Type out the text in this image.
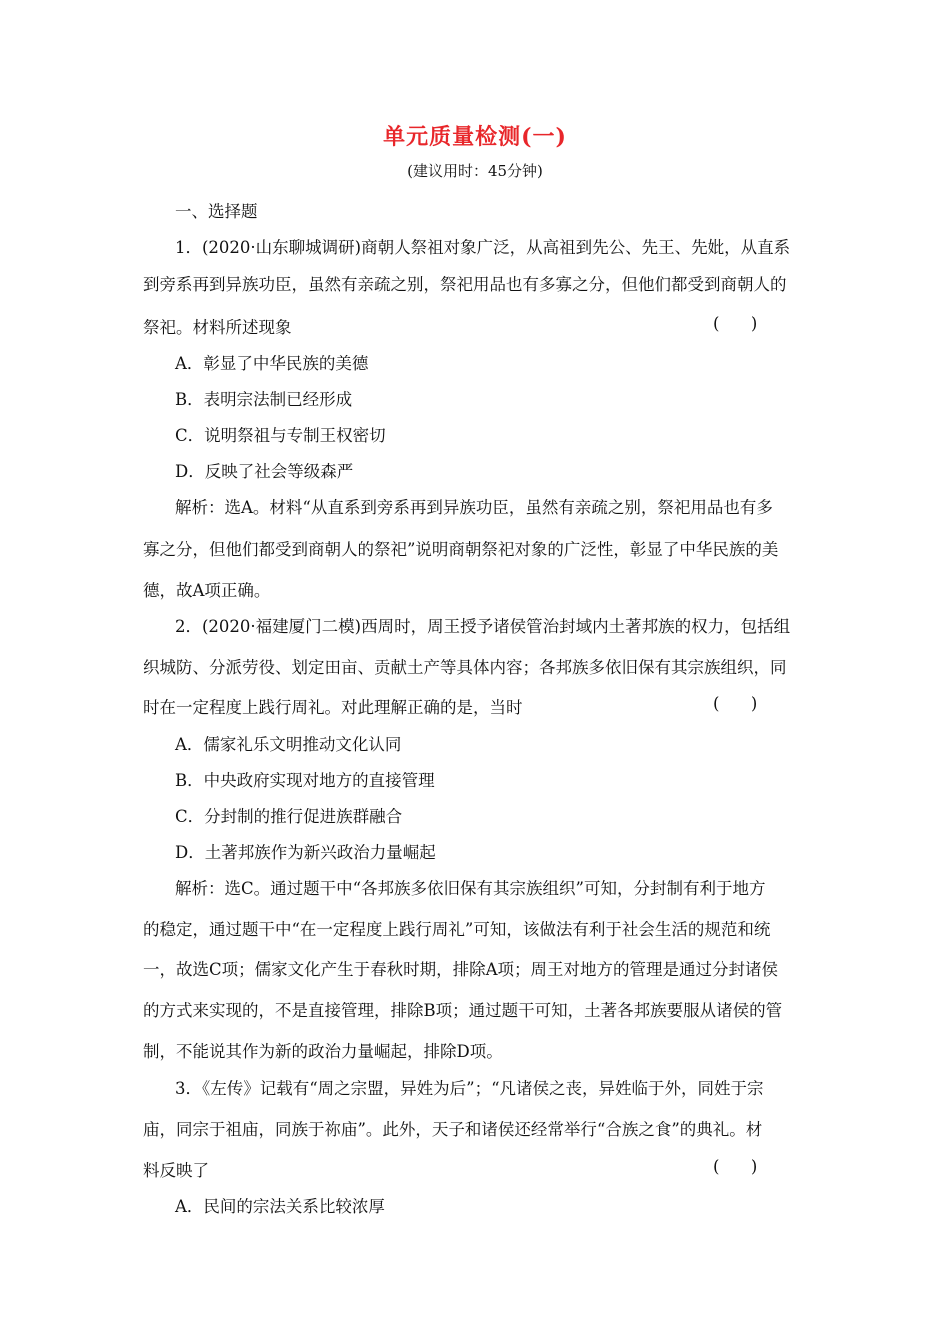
单元质量检测(一)
(建议用时：45分钟)
一、选择题
1．(2020·山东聊城调研)商朝人祭祖对象广泛，从高祖到先公、先王、先妣，从直系
到旁系再到异族功臣，虽然有亲疏之别，祭祀用品也有多寡之分，但他们都受到商朝人的
祭祀。材料所述现象	(      )
A．彰显了中华民族的美德
B．表明宗法制已经形成
C．说明祭祖与专制王权密切
D．反映了社会等级森严
解析：选A。材料“从直系到旁系再到异族功臣，虽然有亲疏之别，祭祀用品也有多
寡之分，但他们都受到商朝人的祭祀”说明商朝祭祀对象的广泛性，彰显了中华民族的美
德，故A项正确。
2．(2020·福建厦门二模)西周时，周王授予诸侯管治封域内土著邦族的权力，包括组
织城防、分派劳役、划定田亩、贡献土产等具体内容；各邦族多依旧保有其宗族组织，同
时在一定程度上践行周礼。对此理解正确的是，当时	(      )
A．儒家礼乐文明推动文化认同
B．中央政府实现对地方的直接管理
C．分封制的推行促进族群融合
D．土著邦族作为新兴政治力量崛起
解析：选C。通过题干中“各邦族多依旧保有其宗族组织”可知，分封制有利于地方
的稳定，通过题干中“在一定程度上践行周礼”可知，该做法有利于社会生活的规范和统
一，故选C项；儒家文化产生于春秋时期，排除A项；周王对地方的管理是通过分封诸侯
的方式来实现的，不是直接管理，排除B项；通过题干可知，土著各邦族要服从诸侯的管
制，不能说其作为新的政治力量崛起，排除D项。
3．《左传》记载有“周之宗盟，异姓为后”；“凡诸侯之丧，异姓临于外，同姓于宗
庙，同宗于祖庙，同族于祢庙”。此外，天子和诸侯还经常举行“合族之食”的典礼。材
料反映了	(      )
A．民间的宗法关系比较浓厚
